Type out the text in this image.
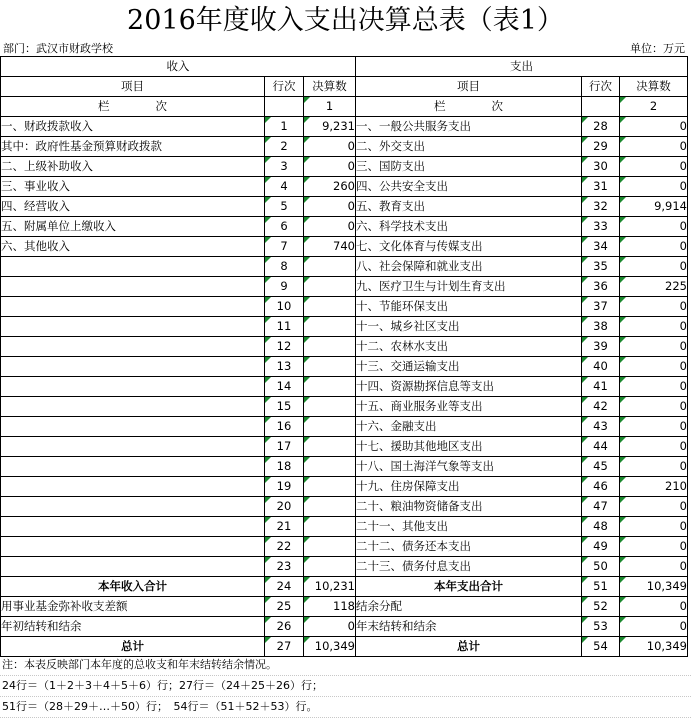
2016年度收入支出决算总表（表1）
部门：武汉市财政学校	单位：万元
收入			支出		
项目	行次	决算数	项目	行次	决算数
栏　　　　次		1	栏　　　　次		2
一、财政拨款收入	1	9,231	一、一般公共服务支出	28	0
其中：政府性基金预算财政拨款	2	0	二、外交支出	29	0
二、上级补助收入	3	0	三、国防支出	30	0
三、事业收入	4	260	四、公共安全支出	31	0
四、经营收入	5	0	五、教育支出	32	9,914
五、附属单位上缴收入	6	0	六、科学技术支出	33	0
六、其他收入	7	740	七、文化体育与传媒支出	34	0
	8		八、社会保障和就业支出	35	0
	9		九、医疗卫生与计划生育支出	36	225
	10		十、节能环保支出	37	0
	11		十一、城乡社区支出	38	0
	12		十二、农林水支出	39	0
	13		十三、交通运输支出	40	0
	14		十四、资源勘探信息等支出	41	0
	15		十五、商业服务业等支出	42	0
	16		十六、金融支出	43	0
	17		十七、援助其他地区支出	44	0
	18		十八、国土海洋气象等支出	45	0
	19		十九、住房保障支出	46	210
	20		二十、粮油物资储备支出	47	0
	21		二十一、其他支出	48	0
	22		二十二、债务还本支出	49	0
	23		二十三、债务付息支出	50	0
本年收入合计	24	10,231	本年支出合计	51	10,349
用事业基金弥补收支差额	25	118	结余分配	52	0
年初结转和结余	26	0	年末结转和结余	53	0
总计	27	10,349	总计	54	10,349
注：本表反映部门本年度的总收支和年末结转结余情况。
24行＝（1＋2＋3＋4＋5＋6）行；27行＝（24＋25＋26）行；
51行＝（28＋29＋…＋50）行；　54行＝（51＋52＋53）行。
